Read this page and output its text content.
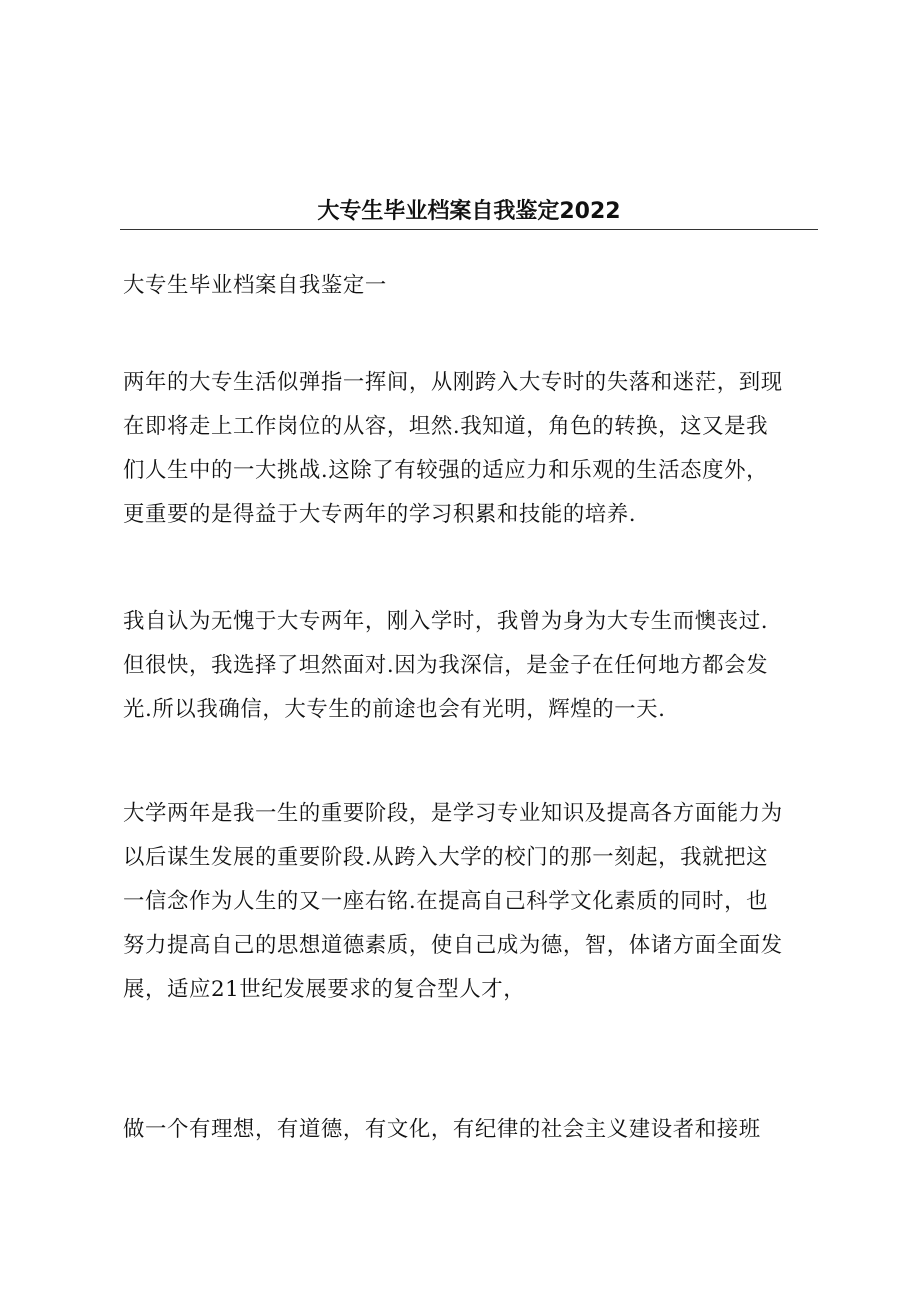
大专生毕业档案自我鉴定2022

大专生毕业档案自我鉴定一

两年的大专生活似弹指一挥间，从刚跨入大专时的失落和迷茫，到现
在即将走上工作岗位的从容，坦然.我知道，角色的转换，这又是我
们人生中的一大挑战.这除了有较强的适应力和乐观的生活态度外，
更重要的是得益于大专两年的学习积累和技能的培养.

我自认为无愧于大专两年，刚入学时，我曾为身为大专生而懊丧过.
但很快，我选择了坦然面对.因为我深信，是金子在任何地方都会发
光.所以我确信，大专生的前途也会有光明，辉煌的一天.

大学两年是我一生的重要阶段，是学习专业知识及提高各方面能力为
以后谋生发展的重要阶段.从跨入大学的校门的那一刻起，我就把这
一信念作为人生的又一座右铭.在提高自己科学文化素质的同时，也
努力提高自己的思想道德素质，使自己成为德，智，体诸方面全面发
展，适应21世纪发展要求的复合型人才，

做一个有理想，有道德，有文化，有纪律的社会主义建设者和接班
